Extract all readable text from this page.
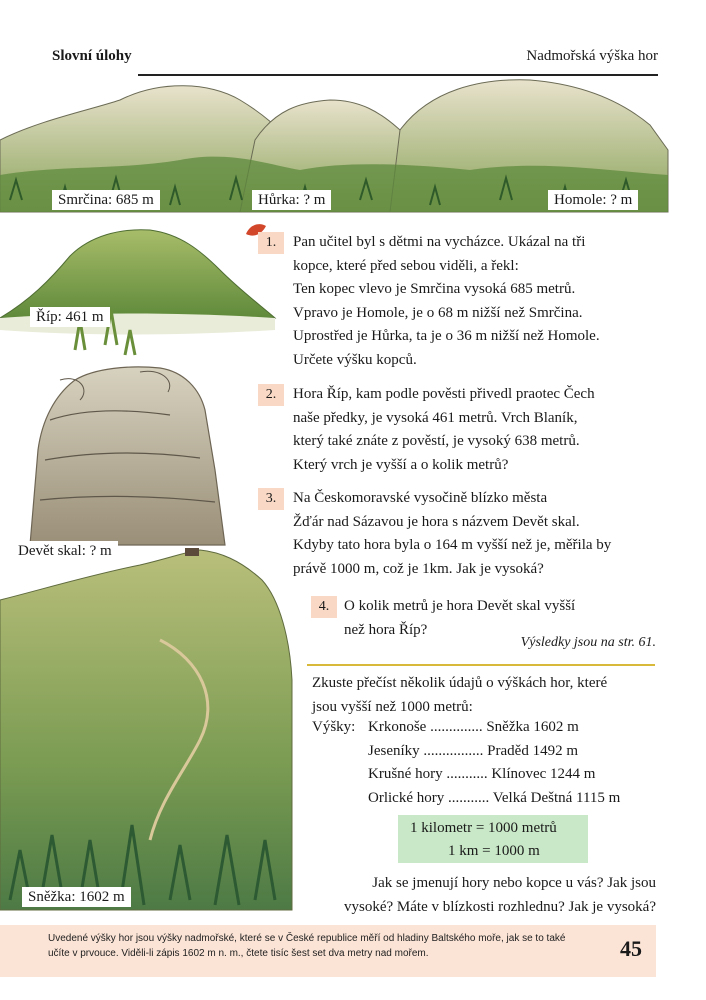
Slovní úlohy	Nadmořská výška hor
Smrčina: 685 m	Hůrka: ? m	Homole: ? m
Říp: 461 m
Devět skal: ? m
Sněžka: 1602 m
1.	Pan učitel byl s dětmi na vycházce. Ukázal na tři
kopce, které před sebou viděli, a řekl:
Ten kopec vlevo je Smrčina vysoká 685 metrů.
Vpravo je Homole, je o 68 m nižší než Smrčina.
Uprostřed je Hůrka, ta je o 36 m nižší než Homole.
Určete výšku kopců.
2.	Hora Říp, kam podle pověsti přivedl praotec Čech
naše předky, je vysoká 461 metrů. Vrch Blaník,
který také znáte z pověstí, je vysoký 638 metrů.
Který vrch je vyšší a o kolik metrů?
3.	Na Českomoravské vysočině blízko města
Žďár nad Sázavou je hora s názvem Devět skal.
Kdyby tato hora byla o 164 m vyšší než je, měřila by
právě 1000 m, což je 1km. Jak je vysoká?
4. O kolik metrů je hora Devět skal vyšší
než hora Říp?
Výsledky jsou na str. 61.
Zkuste přečíst několik údajů o výškách hor, které
jsou vyšší než 1000 metrů:
Výšky: Krkonoše .............. Sněžka 1602 m
Jeseníky ................ Praděd 1492 m
Krušné hory ........... Klínovec 1244 m
Orlické hory ........... Velká Deštná 1115 m
1 kilometr = 1000 metrů
1 km = 1000 m
Jak se jmenují hory nebo kopce u vás? Jak jsou
vysoké? Máte v blízkosti rozhlednu? Jak je vysoká?
Uvedené výšky hor jsou výšky nadmořské, které se v České republice měří od hladiny Baltského moře, jak se to také učíte v prvouce. Viděli-li zápis 1602 m n. m., čtete tisíc šest set dva metry nad mořem.	45
